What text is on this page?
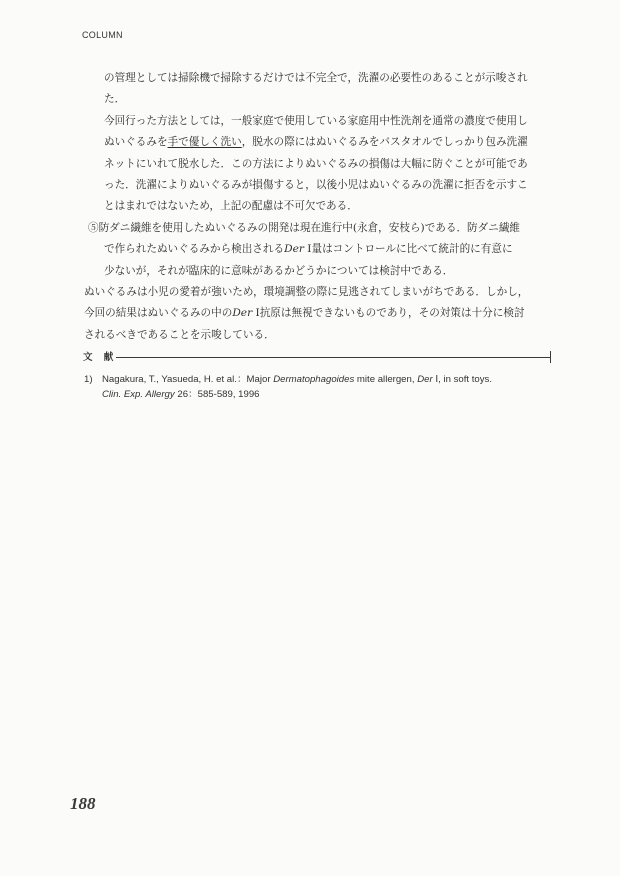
COLUMN

の管理としては掃除機で掃除するだけでは不完全で，洗濯の必要性のあることが示唆され

た．

今回行った方法としては，一般家庭で使用している家庭用中性洗剤を通常の濃度で使用し

ぬいぐるみを手で優しく洗い，脱水の際にはぬいぐるみをバスタオルでしっかり包み洗濯

ネットにいれて脱水した．この方法によりぬいぐるみの損傷は大幅に防ぐことが可能であ

った．洗濯によりぬいぐるみが損傷すると，以後小児はぬいぐるみの洗濯に拒否を示すこ

とはまれではないため，上記の配慮は不可欠である．

⑤防ダニ繊維を使用したぬいぐるみの開発は現在進行中(永倉，安枝ら)である．防ダニ繊維

で作られたぬいぐるみから検出されるDer Ⅰ量はコントロールに比べて統計的に有意に

少ないが，それが臨床的に意味があるかどうかについては検討中である．

ぬいぐるみは小児の愛着が強いため，環境調整の際に見逃されてしまいがちである．しかし，

今回の結果はぬいぐるみの中のDer Ⅰ抗原は無視できないものであり，その対策は十分に検討

されるべきであることを示唆している．

文 献
1) Nagakura, T., Yasueda, H. et al.：Major Dermatophagoides mite allergen, Der Ⅰ, in soft toys.
Clin. Exp. Allergy 26：585-589, 1996
188
